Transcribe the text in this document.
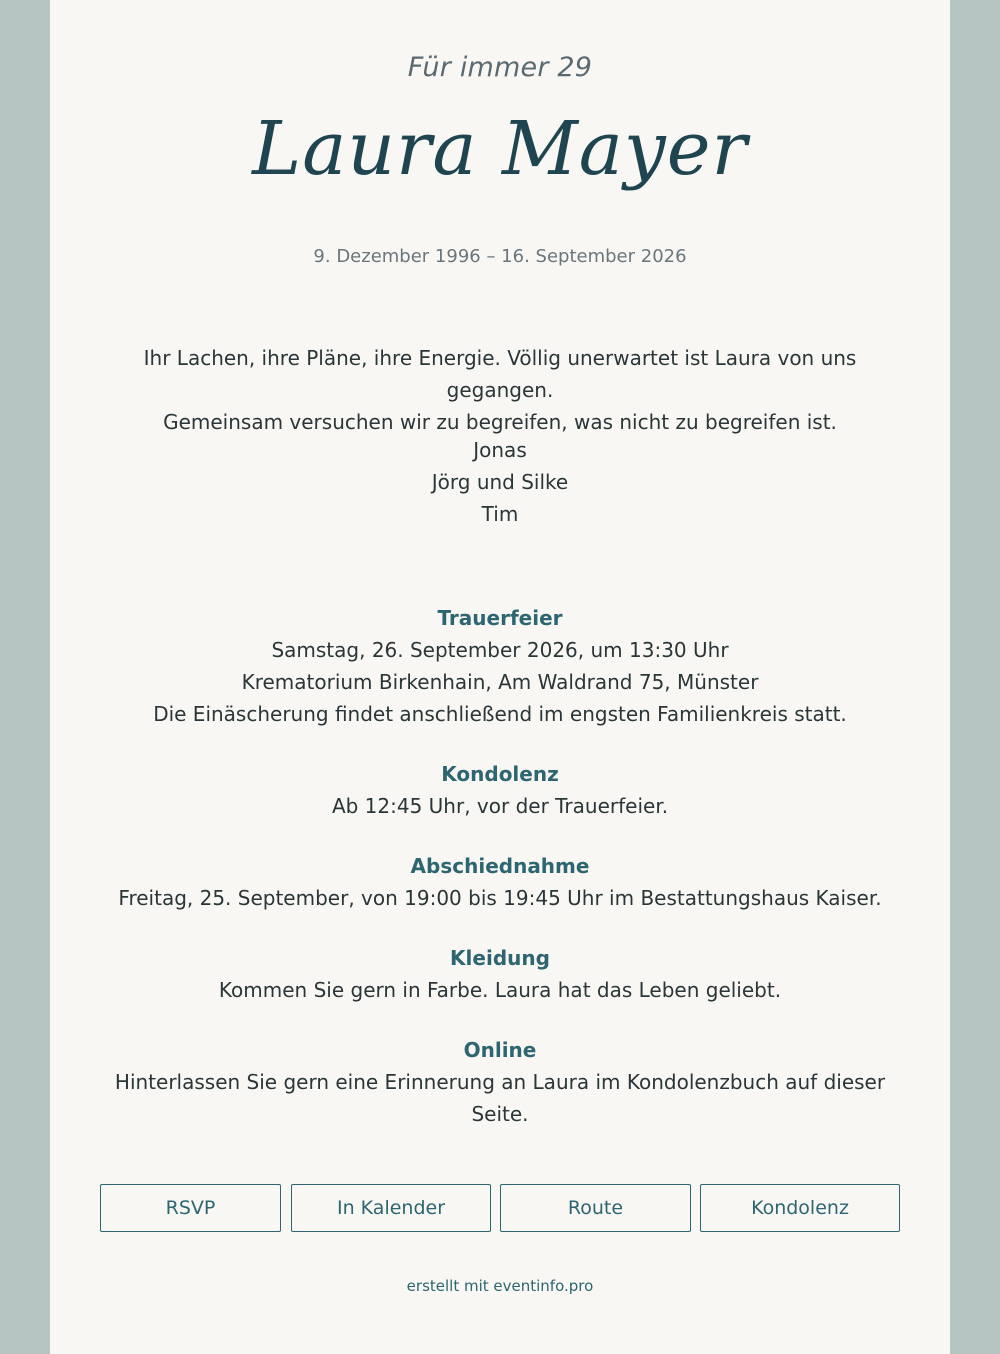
Für immer 29
Laura Mayer
9. Dezember 1996 – 16. September 2026
Ihr Lachen, ihre Pläne, ihre Energie. Völlig unerwartet ist Laura von uns gegangen.
Gemeinsam versuchen wir zu begreifen, was nicht zu begreifen ist.
Jonas
Jörg und Silke
Tim
Trauerfeier

Samstag, 26. September 2026, um 13:30 Uhr

Krematorium Birkenhain, Am Waldrand 75, Münster

Die Einäscherung findet anschließend im engsten Familienkreis statt.

Kondolenz

Ab 12:45 Uhr, vor der Trauerfeier.

Abschiednahme

Freitag, 25. September, von 19:00 bis 19:45 Uhr im Bestattungshaus Kaiser.

Kleidung

Kommen Sie gern in Farbe. Laura hat das Leben geliebt.

Online

Hinterlassen Sie gern eine Erinnerung an Laura im Kondolenzbuch auf dieser Seite.

RSVP	In Kalender	Route	Kondolenz
erstellt mit eventinfo.pro
